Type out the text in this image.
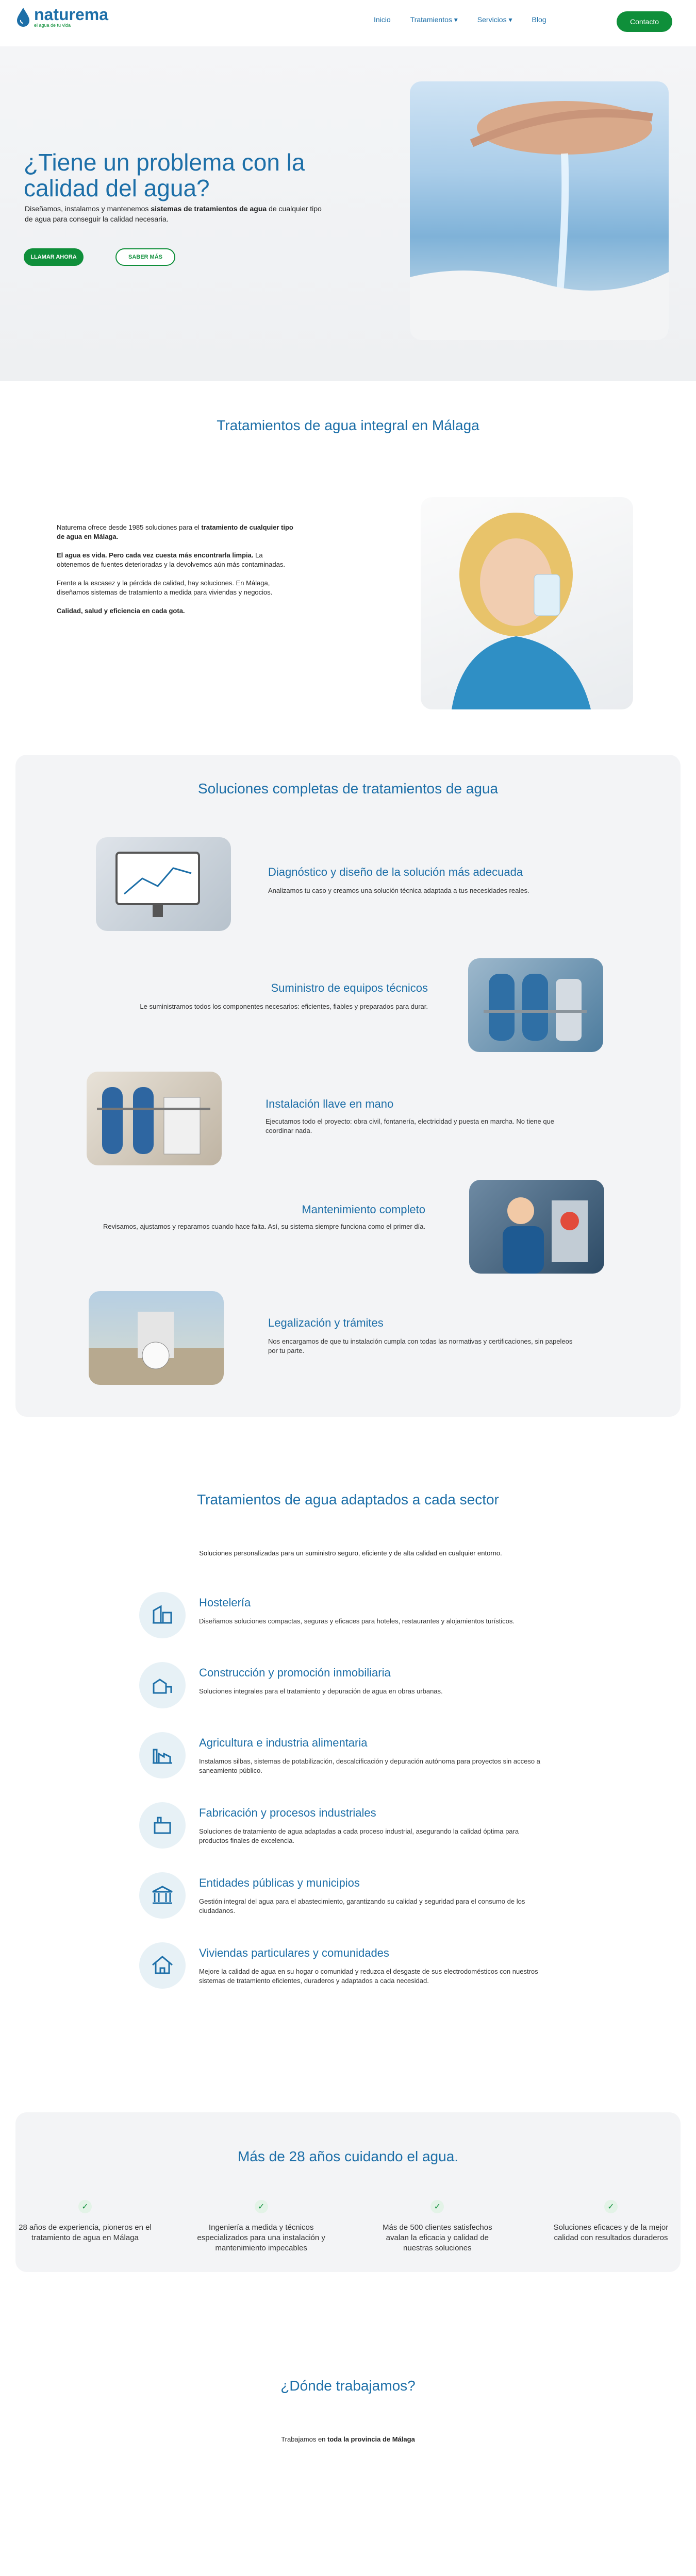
naturema
el agua de tu vida
Inicio	Tratamientos ▾	Servicios ▾	Blog	Contacto
¿Tiene un problema con la calidad del agua?
Diseñamos, instalamos y mantenemos sistemas de tratamientos de agua de cualquier tipo de agua para conseguir la calidad necesaria.
LLAMAR AHORA	SABER MÁS
Tratamientos de agua integral en Málaga

Naturema ofrece desde 1985 soluciones para el tratamiento de cualquier tipo de agua en Málaga.

El agua es vida. Pero cada vez cuesta más encontrarla limpia. La obtenemos de fuentes deterioradas y la devolvemos aún más contaminadas.

Frente a la escasez y la pérdida de calidad, hay soluciones. En Málaga, diseñamos sistemas de tratamiento a medida para viviendas y negocios.

Calidad, salud y eficiencia en cada gota.

Soluciones completas de tratamientos de agua
Diagnóstico y diseño de la solución más adecuada
Analizamos tu caso y creamos una solución técnica adaptada a tus necesidades reales.
Suministro de equipos técnicos
Le suministramos todos los componentes necesarios: eficientes, fiables y preparados para durar.
Instalación llave en mano
Ejecutamos todo el proyecto: obra civil, fontanería, electricidad y puesta en marcha. No tiene que coordinar nada.
Mantenimiento completo
Revisamos, ajustamos y reparamos cuando hace falta. Así, su sistema siempre funciona como el primer día.
Legalización y trámites
Nos encargamos de que tu instalación cumpla con todas las normativas y certificaciones, sin papeleos por tu parte.
Tratamientos de agua adaptados a cada sector
Soluciones personalizadas para un suministro seguro, eficiente y de alta calidad en cualquier entorno.
Hostelería
Diseñamos soluciones compactas, seguras y eficaces para hoteles, restaurantes y alojamientos turísticos.
Construcción y promoción inmobiliaria
Soluciones integrales para el tratamiento y depuración de agua en obras urbanas.
Agricultura e industria alimentaria
Instalamos silbas, sistemas de potabilización, descalcificación y depuración autónoma para proyectos sin acceso a saneamiento público.
Fabricación y procesos industriales
Soluciones de tratamiento de agua adaptadas a cada proceso industrial, asegurando la calidad óptima para productos finales de excelencia.
Entidades públicas y municipios
Gestión integral del agua para el abastecimiento, garantizando su calidad y seguridad para el consumo de los ciudadanos.
Viviendas particulares y comunidades
Mejore la calidad de agua en su hogar o comunidad y reduzca el desgaste de sus electrodomésticos con nuestros sistemas de tratamiento eficientes, duraderos y adaptados a cada necesidad.
Más de 28 años cuidando el agua.
✓
28 años de experiencia, pioneros en el tratamiento de agua en Málaga
✓
Ingeniería a medida y técnicos especializados para una instalación y mantenimiento impecables
✓
Más de 500 clientes satisfechos avalan la eficacia y calidad de nuestras soluciones
✓
Soluciones eficaces y de la mejor calidad con resultados duraderos
¿Dónde trabajamos?
Trabajamos en toda la provincia de Málaga
